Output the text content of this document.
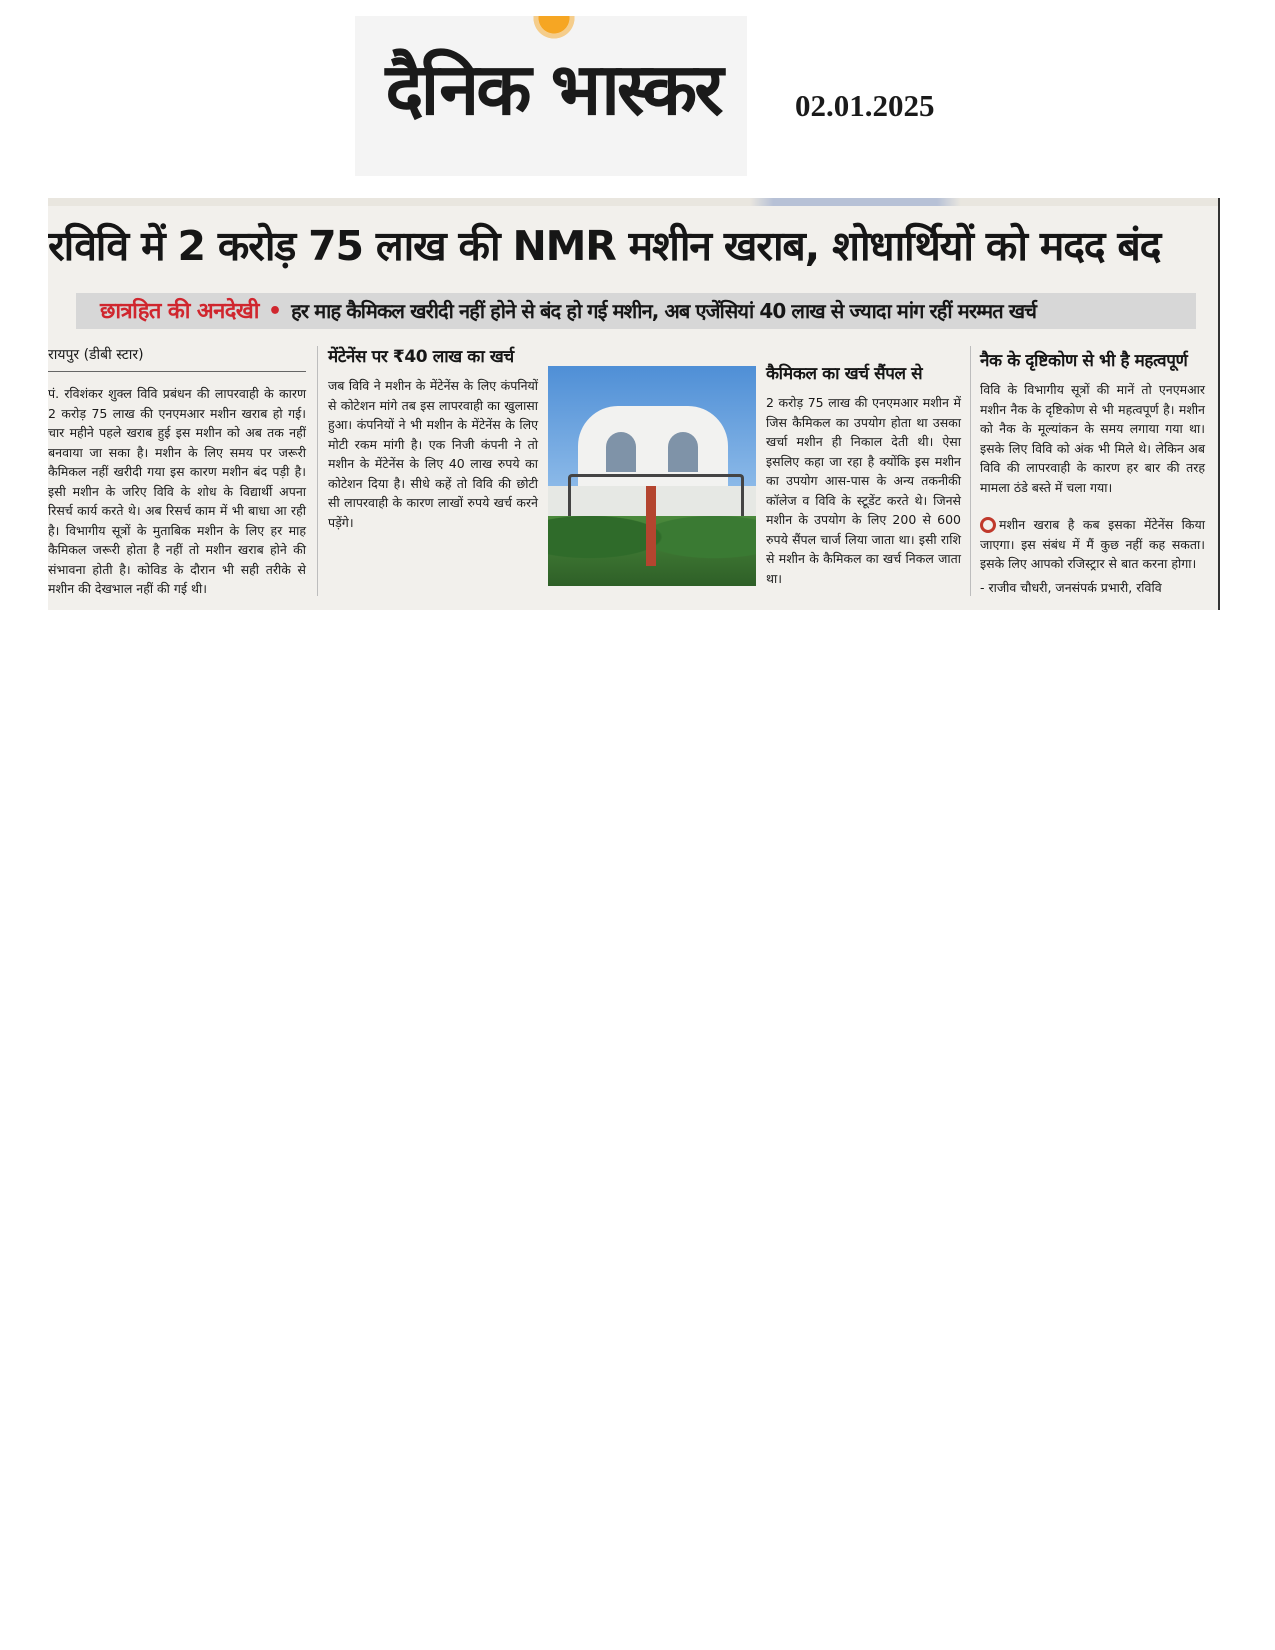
दैनिक भास्कर	02.01.2025
रविवि में 2 करोड़ 75 लाख की NMR मशीन खराब, शोधार्थियों को मदद बंद
छात्रहित की अनदेखी • हर माह कैमिकल खरीदी नहीं होने से बंद हो गई मशीन, अब एजेंसियां 40 लाख से ज्यादा मांग रहीं मरम्मत खर्च
रायपुर (डीबी स्टार)
पं. रविशंकर शुक्ल विवि प्रबंधन की लापरवाही के कारण 2 करोड़ 75 लाख की एनएमआर मशीन खराब हो गई। चार महीने पहले खराब हुई इस मशीन को अब तक नहीं बनवाया जा सका है। मशीन के लिए समय पर जरूरी कैमिकल नहीं खरीदी गया इस कारण मशीन बंद पड़ी है। इसी मशीन के जरिए विवि के शोध के विद्यार्थी अपना रिसर्च कार्य करते थे। अब रिसर्च काम में भी बाधा आ रही है। विभागीय सूत्रों के मुताबिक मशीन के लिए हर माह कैमिकल जरूरी होता है नहीं तो मशीन खराब होने की संभावना होती है। कोविड के दौरान भी सही तरीके से मशीन की देखभाल नहीं की गई थी।
मेंटेनेंस पर ₹40 लाख का खर्च
जब विवि ने मशीन के मेंटेनेंस के लिए कंपनियों से कोटेशन मांगे तब इस लापरवाही का खुलासा हुआ। कंपनियों ने भी मशीन के मेंटेनेंस के लिए मोटी रकम मांगी है। एक निजी कंपनी ने तो मशीन के मेंटेनेंस के लिए 40 लाख रुपये का कोटेशन दिया है। सीधे कहें तो विवि की छोटी सी लापरवाही के कारण लाखों रुपये खर्च करने पड़ेंगे।
कैमिकल का खर्च सैंपल से
2 करोड़ 75 लाख की एनएमआर मशीन में जिस कैमिकल का उपयोग होता था उसका खर्चा मशीन ही निकाल देती थी। ऐसा इसलिए कहा जा रहा है क्योंकि इस मशीन का उपयोग आस-पास के अन्य तकनीकी कॉलेज व विवि के स्टूडेंट करते थे। जिनसे मशीन के उपयोग के लिए 200 से 600 रुपये सैंपल चार्ज लिया जाता था। इसी राशि से मशीन के कैमिकल का खर्च निकल जाता था।
नैक के दृष्टिकोण से भी है महत्वपूर्ण
विवि के विभागीय सूत्रों की मानें तो एनएमआर मशीन नैक के दृष्टिकोण से भी महत्वपूर्ण है। मशीन को नैक के मूल्यांकन के समय लगाया गया था। इसके लिए विवि को अंक भी मिले थे। लेकिन अब विवि की लापरवाही के कारण हर बार की तरह मामला ठंडे बस्ते में चला गया।
मशीन खराब है कब इसका मेंटेनेंस किया जाएगा। इस संबंध में मैं कुछ नहीं कह सकता। इसके लिए आपको रजिस्ट्रार से बात करना होगा।
- राजीव चौधरी, जनसंपर्क प्रभारी, रविवि
